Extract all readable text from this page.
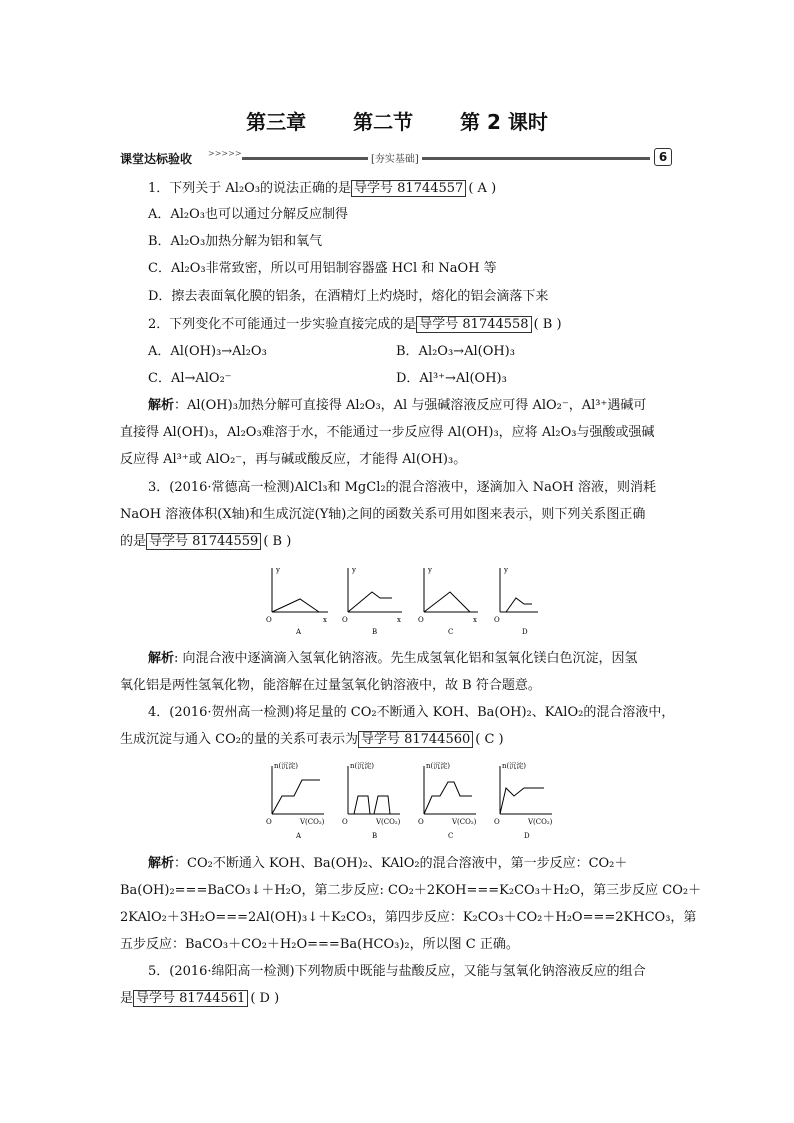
第三章 第二节 第 2 课时
课堂达标验收 >>>>>
[夯实基础]	6
1．下列关于 Al₂O₃的说法正确的是 导学号 81744557 ( A )
A．Al₂O₃也可以通过分解反应制得
B．Al₂O₃加热分解为铝和氧气
C．Al₂O₃非常致密，所以可用铝制容器盛 HCl 和 NaOH 等
D．擦去表面氧化膜的铝条，在酒精灯上灼烧时，熔化的铝会滴落下来
2．下列变化不可能通过一步实验直接完成的是 导学号 81744558 ( B )
A．Al(OH)₃→Al₂O₃	B．Al₂O₃→Al(OH)₃
C．Al→AlO₂⁻	D．Al³⁺→Al(OH)₃
解析：Al(OH)₃加热分解可直接得 Al₂O₃，Al 与强碱溶液反应可得 AlO₂⁻，Al³⁺遇碱可
直接得 Al(OH)₃，Al₂O₃难溶于水，不能通过一步反应得 Al(OH)₃，应将 Al₂O₃与强酸或强碱
反应得 Al³⁺或 AlO₂⁻，再与碱或酸反应，才能得 Al(OH)₃。
3．(2016·常德高一检测)AlCl₃和 MgCl₂的混合溶液中，逐滴加入 NaOH 溶液，则消耗
NaOH 溶液体积(X轴)和生成沉淀(Y轴)之间的函数关系可用如图来表示，则下列关系图正确
的是 导学号 81744559 ( B )
y
x
O
A
y
x
O
B
y
x
O
C
y
O
D
解析: 向混合液中逐滴滴入氢氧化钠溶液。先生成氢氧化铝和氢氧化镁白色沉淀，因氢
氧化铝是两性氢氧化物，能溶解在过量氢氧化钠溶液中，故 B 符合题意。
4．(2016·贺州高一检测)将足量的 CO₂不断通入 KOH、Ba(OH)₂、KAlO₂的混合溶液中，
生成沉淀与通入 CO₂的量的关系可表示为 导学号 81744560 ( C )
n(沉淀)
V(CO₂)
O
A
n(沉淀)
V(CO₂)
O
B
n(沉淀)
V(CO₂)
O
C
n(沉淀)
V(CO₂)
O
D
解析：CO₂不断通入 KOH、Ba(OH)₂、KAlO₂的混合溶液中，第一步反应：CO₂＋
Ba(OH)₂===BaCO₃↓＋H₂O，第二步反应: CO₂＋2KOH===K₂CO₃＋H₂O，第三步反应 CO₂＋
2KAlO₂＋3H₂O===2Al(OH)₃↓＋K₂CO₃，第四步反应：K₂CO₃＋CO₂＋H₂O===2KHCO₃，第
五步反应：BaCO₃＋CO₂＋H₂O===Ba(HCO₃)₂，所以图 C 正确。
5．(2016·绵阳高一检测)下列物质中既能与盐酸反应，又能与氢氧化钠溶液反应的组合
是 导学号 81744561 ( D )
